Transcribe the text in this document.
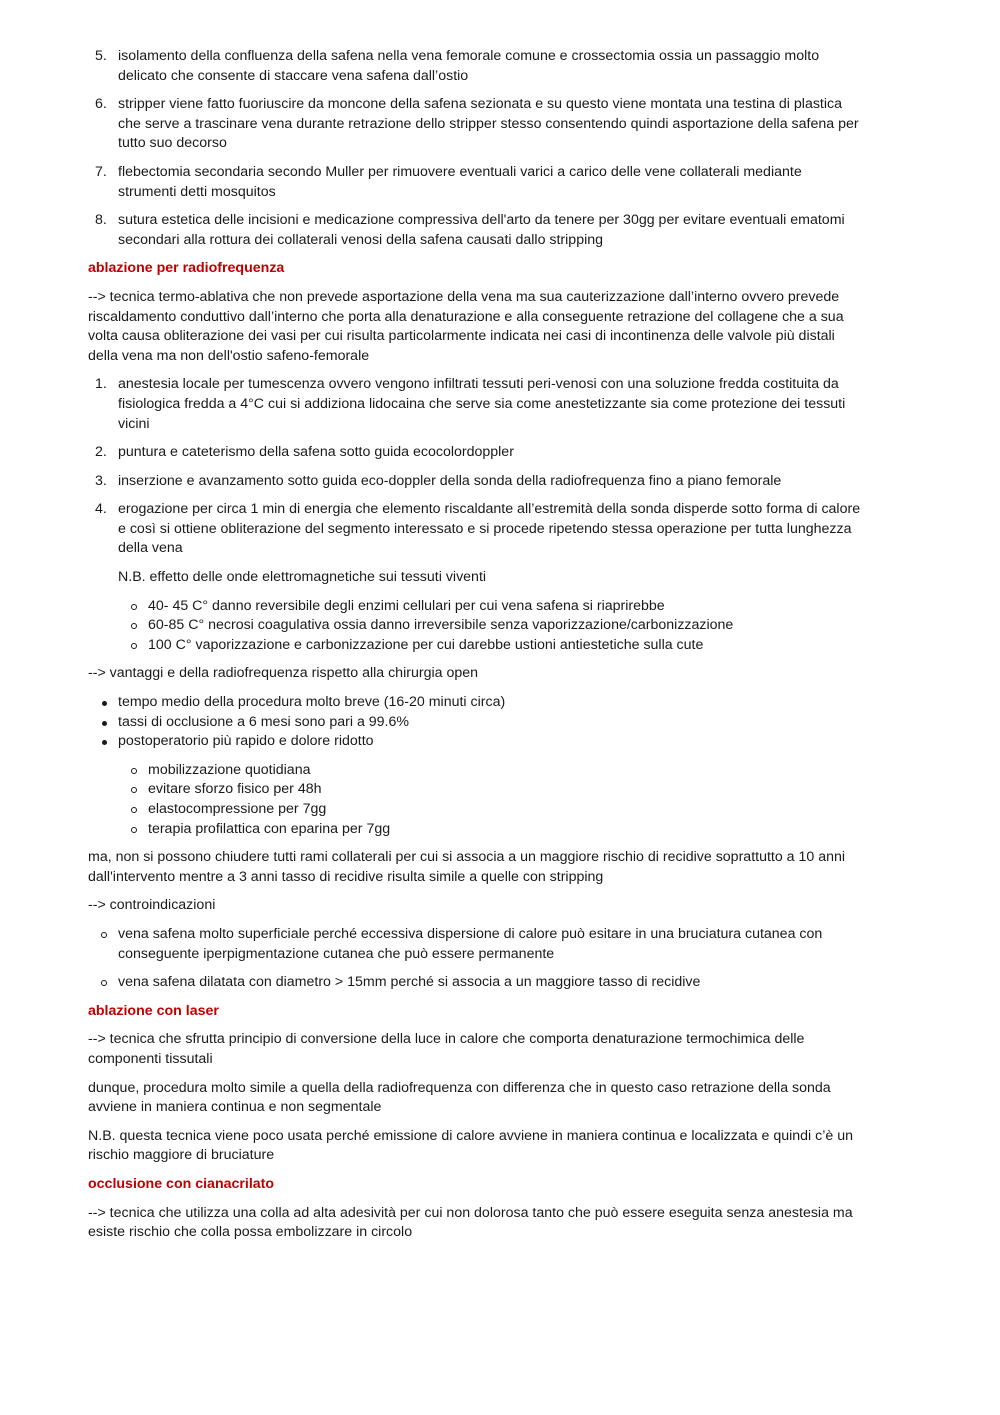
5. isolamento della confluenza della safena nella vena femorale comune e crossectomia ossia un passaggio molto delicato che consente di staccare vena safena dall’ostio
6. stripper viene fatto fuoriuscire da moncone della safena sezionata e su questo viene montata una testina di plastica che serve a trascinare vena durante retrazione dello stripper stesso consentendo quindi asportazione della safena per tutto suo decorso
7. flebectomia secondaria secondo Muller per rimuovere eventuali varici a carico delle vene collaterali mediante strumenti detti mosquitos
8. sutura estetica delle incisioni e medicazione compressiva dell'arto da tenere per 30gg per evitare eventuali ematomi secondari alla rottura dei collaterali venosi della safena causati dallo stripping
ablazione per radiofrequenza

--> tecnica termo-ablativa che non prevede asportazione della vena ma sua cauterizzazione dall’interno ovvero prevede riscaldamento conduttivo dall’interno che porta alla denaturazione e alla conseguente retrazione del collagene che a sua volta causa obliterazione dei vasi per cui risulta particolarmente indicata nei casi di incontinenza delle valvole più distali della vena ma non dell'ostio safeno-femorale

1. anestesia locale per tumescenza ovvero vengono infiltrati tessuti peri-venosi con una soluzione fredda costituita da fisiologica fredda a 4°C cui si addiziona lidocaina che serve sia come anestetizzante sia come protezione dei tessuti vicini
2. puntura e cateterismo della safena sotto guida ecocolordoppler
3. inserzione e avanzamento sotto guida eco-doppler della sonda della radiofrequenza fino a piano femorale
4. erogazione per circa 1 min di energia che elemento riscaldante all’estremità della sonda disperde sotto forma di calore e così si ottiene obliterazione del segmento interessato e si procede ripetendo stessa operazione per tutta lunghezza della vena
N.B. effetto delle onde elettromagnetiche sui tessuti viventi
40- 45 C° danno reversibile degli enzimi cellulari per cui vena safena si riaprirebbe
60-85 C° necrosi coagulativa ossia danno irreversibile senza vaporizzazione/carbonizzazione
100 C° vaporizzazione e carbonizzazione per cui darebbe ustioni antiestetiche sulla cute

--> vantaggi e della radiofrequenza rispetto alla chirurgia open

tempo medio della procedura molto breve (16-20 minuti circa)
tassi di occlusione a 6 mesi sono pari a 99.6%
postoperatorio più rapido e dolore ridotto
mobilizzazione quotidiana
evitare sforzo fisico per 48h
elastocompressione per 7gg
terapia profilattica con eparina per 7gg

ma, non si possono chiudere tutti rami collaterali per cui si associa a un maggiore rischio di recidive soprattutto a 10 anni dall'intervento mentre a 3 anni tasso di recidive risulta simile a quelle con stripping

--> controindicazioni

vena safena molto superficiale perché eccessiva dispersione di calore può esitare in una bruciatura cutanea con conseguente iperpigmentazione cutanea che può essere permanente
vena safena dilatata con diametro > 15mm perché si associa a un maggiore tasso di recidive
ablazione con laser

--> tecnica che sfrutta principio di conversione della luce in calore che comporta denaturazione termochimica delle componenti tissutali

dunque, procedura molto simile a quella della radiofrequenza con differenza che in questo caso retrazione della sonda avviene in maniera continua e non segmentale

N.B. questa tecnica viene poco usata perché emissione di calore avviene in maniera continua e localizzata e quindi c’è un rischio maggiore di bruciature

occlusione con cianacrilato

--> tecnica che utilizza una colla ad alta adesività per cui non dolorosa tanto che può essere eseguita senza anestesia ma esiste rischio che colla possa embolizzare in circolo
